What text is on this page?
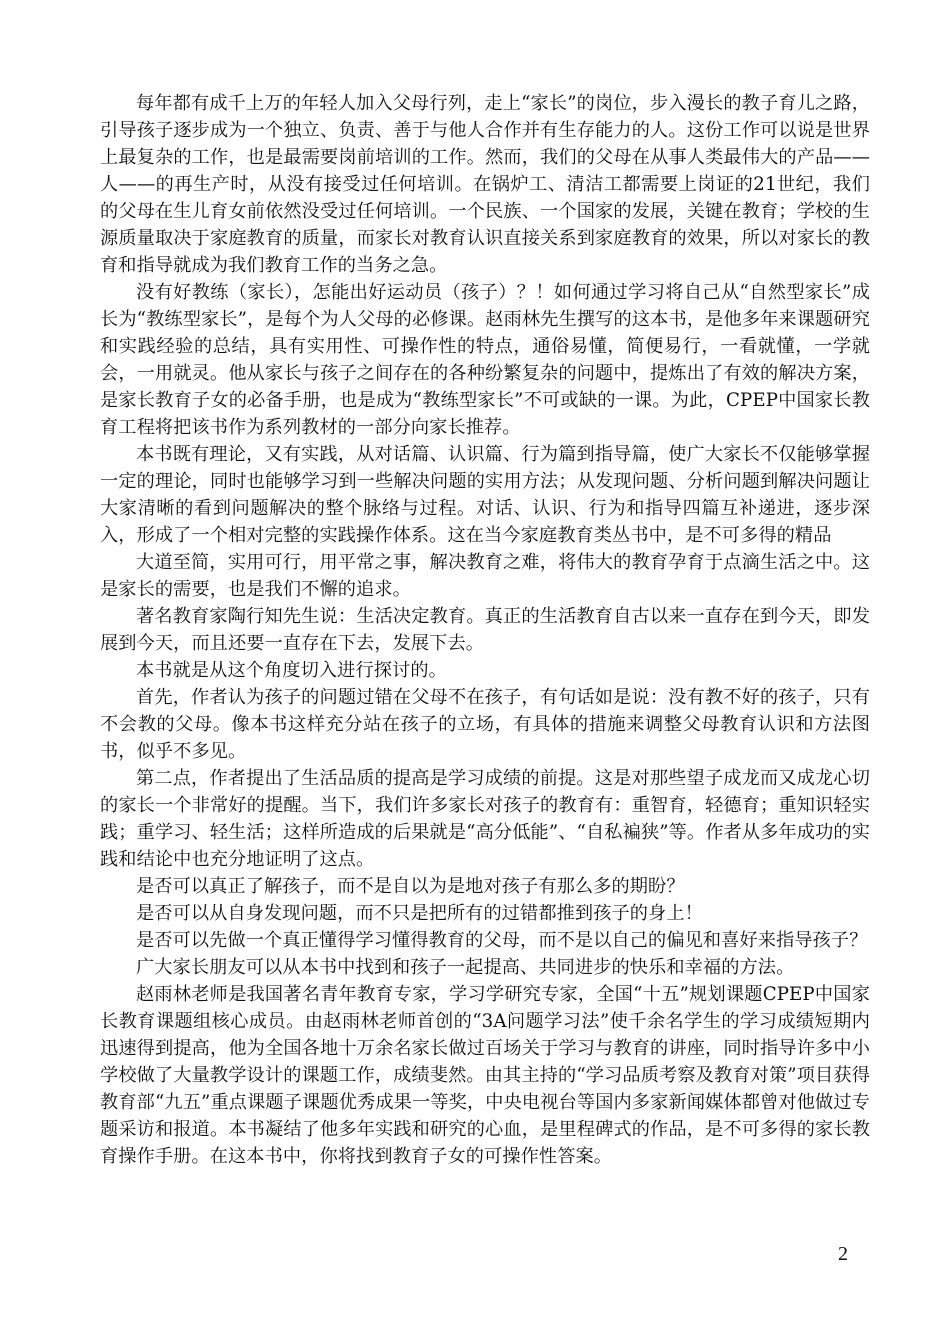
每年都有成千上万的年轻人加入父母行列，走上“家长”的岗位，步入漫长的教子育儿之路，引导孩子逐步成为一个独立、负责、善于与他人合作并有生存能力的人。这份工作可以说是世界上最复杂的工作，也是最需要岗前培训的工作。然而，我们的父母在从事人类最伟大的产品——人——的再生产时，从没有接受过任何培训。在锅炉工、清洁工都需要上岗证的21世纪，我们的父母在生儿育女前依然没受过任何培训。一个民族、一个国家的发展，关键在教育；学校的生源质量取决于家庭教育的质量，而家长对教育认识直接关系到家庭教育的效果，所以对家长的教育和指导就成为我们教育工作的当务之急。

没有好教练（家长），怎能出好运动员（孩子）？！如何通过学习将自己从“自然型家长”成长为“教练型家长”，是每个为人父母的必修课。赵雨林先生撰写的这本书，是他多年来课题研究和实践经验的总结，具有实用性、可操作性的特点，通俗易懂，简便易行，一看就懂，一学就会，一用就灵。他从家长与孩子之间存在的各种纷繁复杂的问题中，提炼出了有效的解决方案，是家长教育子女的必备手册，也是成为“教练型家长”不可或缺的一课。为此，CPEP中国家长教育工程将把该书作为系列教材的一部分向家长推荐。

本书既有理论，又有实践，从对话篇、认识篇、行为篇到指导篇，使广大家长不仅能够掌握一定的理论，同时也能够学习到一些解决问题的实用方法；从发现问题、分析问题到解决问题让大家清晰的看到问题解决的整个脉络与过程。对话、认识、行为和指导四篇互补递进，逐步深入，形成了一个相对完整的实践操作体系。这在当今家庭教育类丛书中，是不可多得的精品

大道至简，实用可行，用平常之事，解决教育之难，将伟大的教育孕育于点滴生活之中。这是家长的需要，也是我们不懈的追求。

著名教育家陶行知先生说：生活决定教育。真正的生活教育自古以来一直存在到今天，即发展到今天，而且还要一直存在下去，发展下去。

本书就是从这个角度切入进行探讨的。

首先，作者认为孩子的问题过错在父母不在孩子，有句话如是说：没有教不好的孩子，只有不会教的父母。像本书这样充分站在孩子的立场，有具体的措施来调整父母教育认识和方法图书，似乎不多见。

第二点，作者提出了生活品质的提高是学习成绩的前提。这是对那些望子成龙而又成龙心切的家长一个非常好的提醒。当下，我们许多家长对孩子的教育有：重智育，轻德育；重知识轻实践；重学习、轻生活；这样所造成的后果就是“高分低能”、“自私褊狭”等。作者从多年成功的实践和结论中也充分地证明了这点。

是否可以真正了解孩子，而不是自以为是地对孩子有那么多的期盼？

是否可以从自身发现问题，而不只是把所有的过错都推到孩子的身上！

是否可以先做一个真正懂得学习懂得教育的父母，而不是以自己的偏见和喜好来指导孩子？

广大家长朋友可以从本书中找到和孩子一起提高、共同进步的快乐和幸福的方法。

赵雨林老师是我国著名青年教育专家，学习学研究专家，全国“十五”规划课题CPEP中国家长教育课题组核心成员。由赵雨林老师首创的“3A问题学习法”使千余名学生的学习成绩短期内迅速得到提高，他为全国各地十万余名家长做过百场关于学习与教育的讲座，同时指导许多中小学校做了大量教学设计的课题工作，成绩斐然。由其主持的“学习品质考察及教育对策”项目获得教育部“九五”重点课题子课题优秀成果一等奖，中央电视台等国内多家新闻媒体都曾对他做过专题采访和报道。本书凝结了他多年实践和研究的心血，是里程碑式的作品，是不可多得的家长教育操作手册。在这本书中，你将找到教育子女的可操作性答案。

2
